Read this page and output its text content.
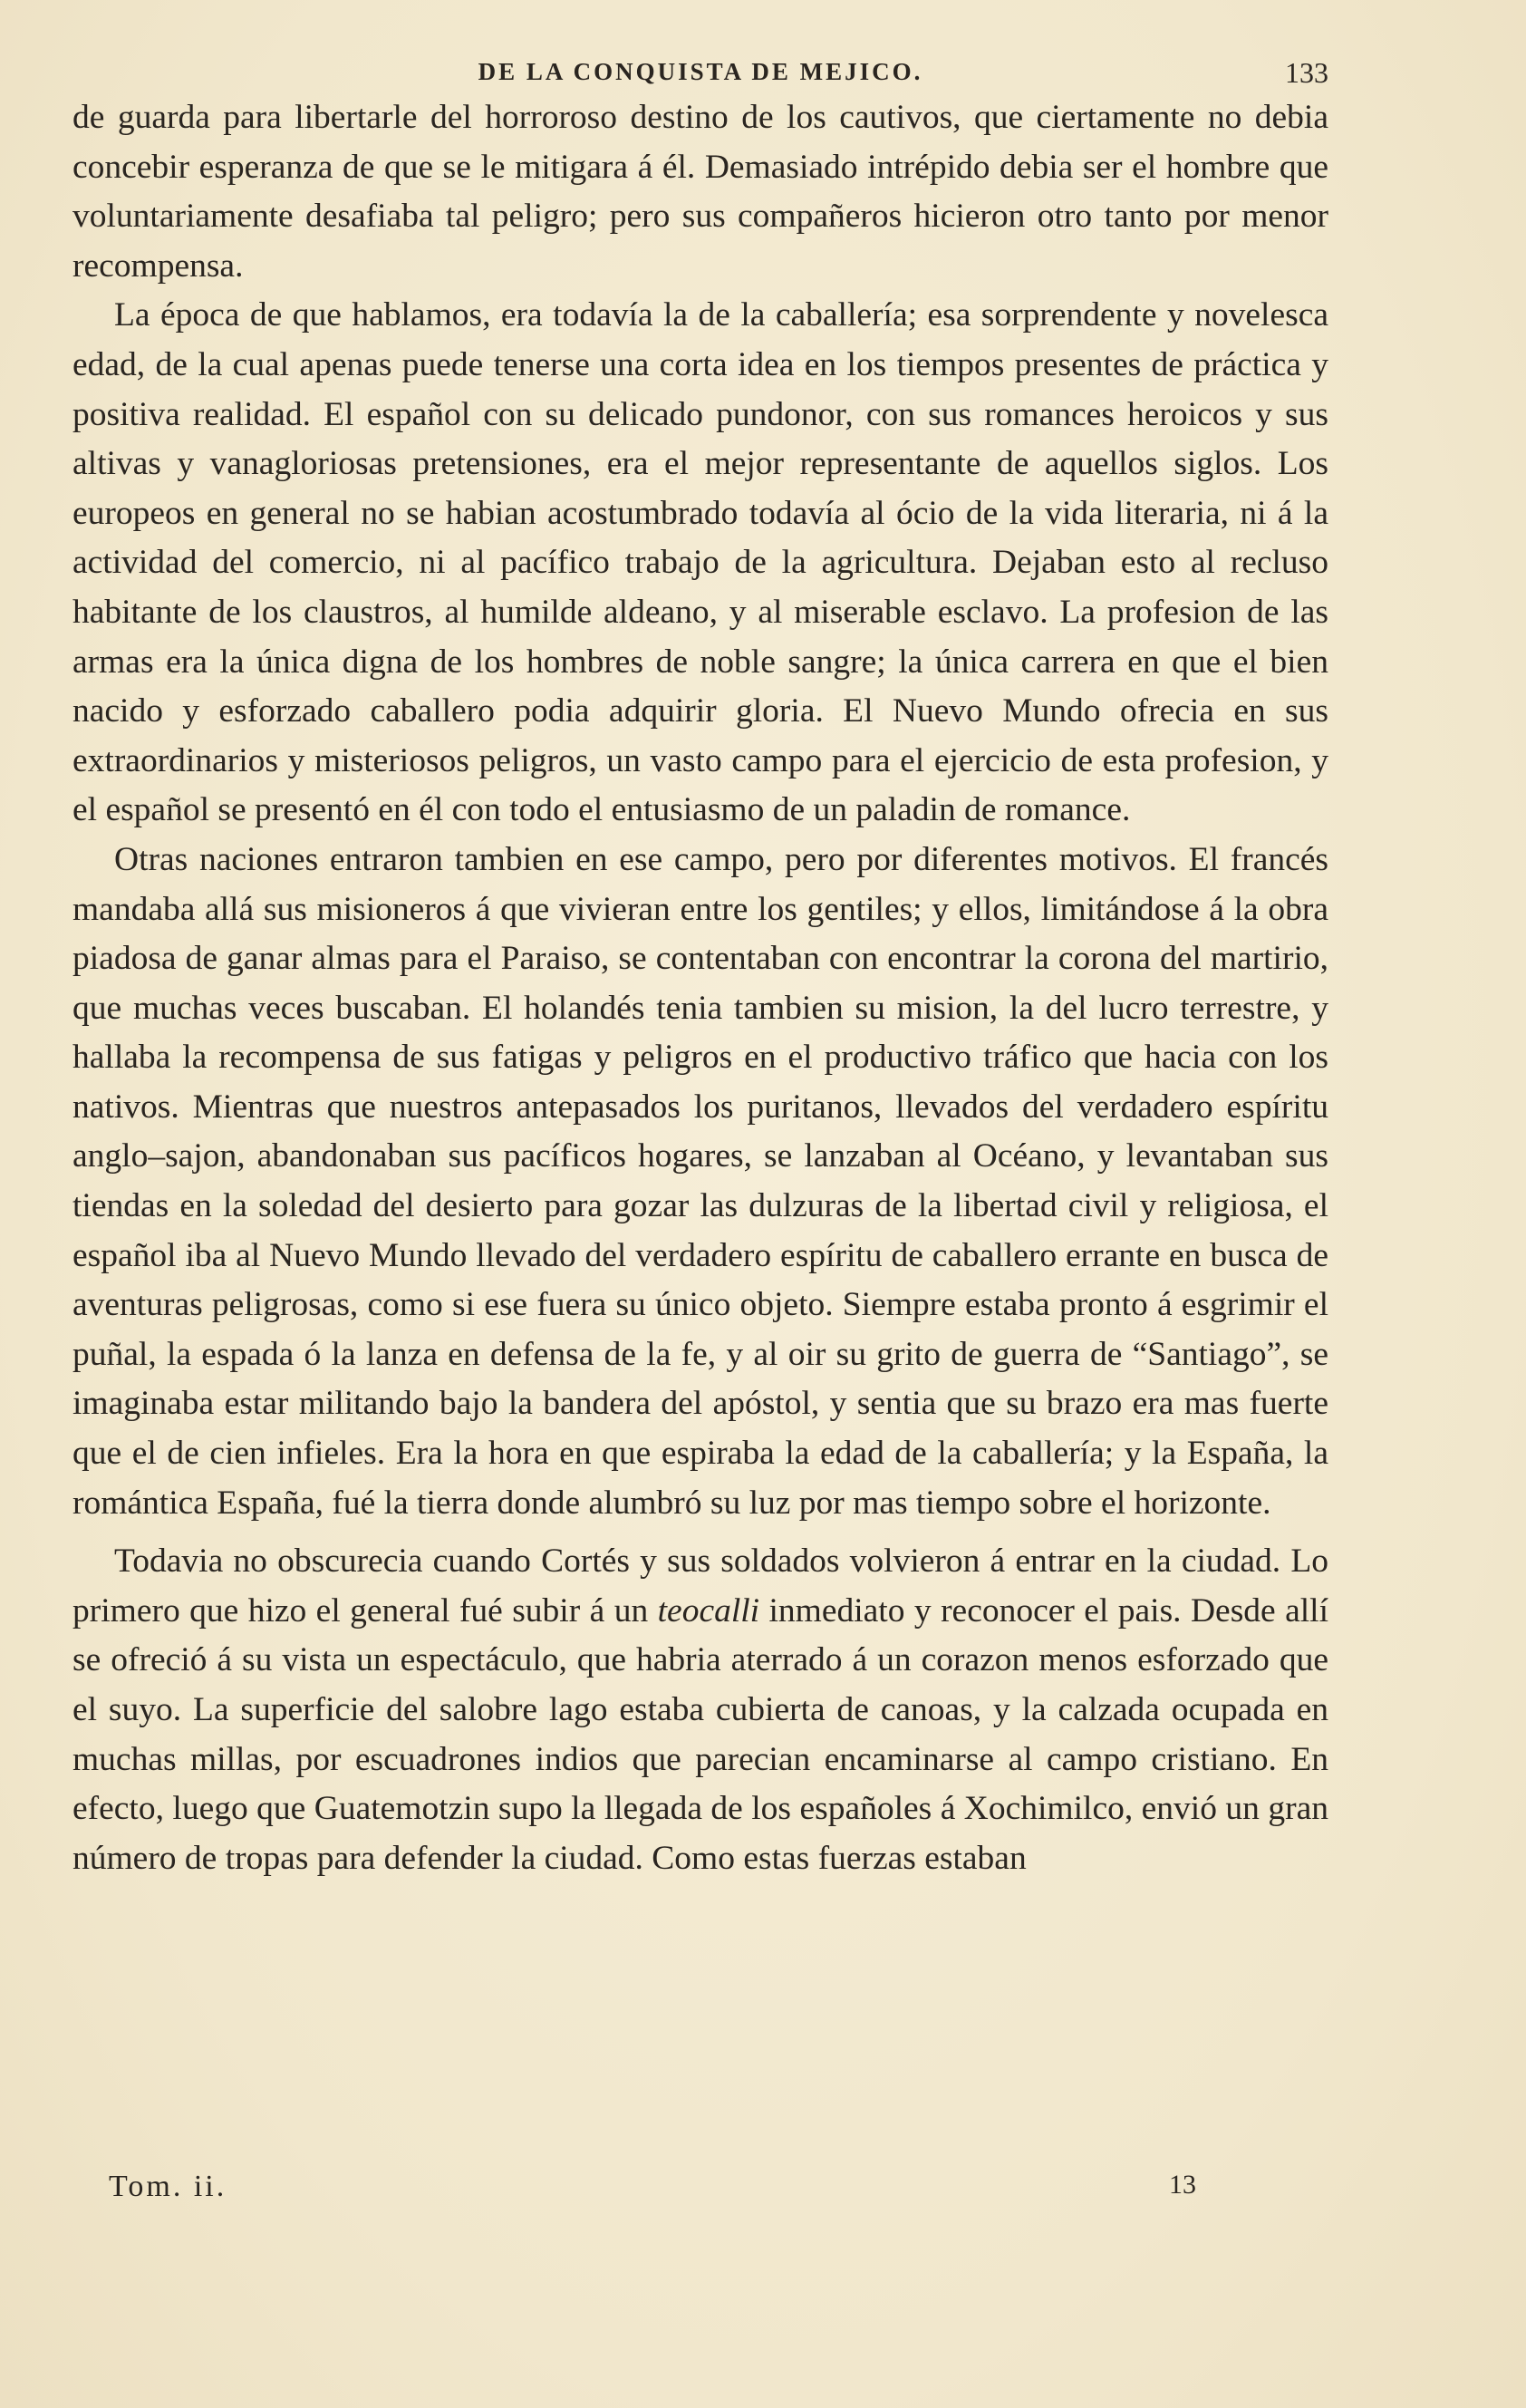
DE LA CONQUISTA DE MEJICO.	133

de guarda para libertarle del horroroso destino de los cautivos, que ciertamente no debia concebir esperanza de que se le mitigara á él. Demasiado intrépido debia ser el hombre que voluntariamente desafiaba tal peligro; pero sus compañeros hicieron otro tanto por menor recompensa.

La época de que hablamos, era todavía la de la caballería; esa sorprendente y novelesca edad, de la cual apenas puede tenerse una corta idea en los tiempos presentes de práctica y positiva realidad. El español con su delicado pundonor, con sus romances heroicos y sus altivas y vanagloriosas pretensiones, era el mejor representante de aquellos siglos. Los europeos en general no se habian acostumbrado todavía al ócio de la vida literaria, ni á la actividad del comercio, ni al pacífico trabajo de la agricultura. Dejaban esto al recluso habitante de los claustros, al humilde aldeano, y al miserable esclavo. La profesion de las armas era la única digna de los hombres de noble sangre; la única carrera en que el bien nacido y esforzado caballero podia adquirir gloria. El Nuevo Mundo ofrecia en sus extraordinarios y misteriosos peligros, un vasto campo para el ejercicio de esta profesion, y el español se presentó en él con todo el entusiasmo de un paladin de romance.

Otras naciones entraron tambien en ese campo, pero por diferentes motivos. El francés mandaba allá sus misioneros á que vivieran entre los gentiles; y ellos, limitándose á la obra piadosa de ganar almas para el Paraiso, se contentaban con encontrar la corona del martirio, que muchas veces buscaban. El holandés tenia tambien su mision, la del lucro terrestre, y hallaba la recompensa de sus fatigas y peligros en el productivo tráfico que hacia con los nativos. Mientras que nuestros antepasados los puritanos, llevados del verdadero espíritu anglo–sajon, abandonaban sus pacíficos hogares, se lanzaban al Océano, y levantaban sus tiendas en la soledad del desierto para gozar las dulzuras de la libertad civil y religiosa, el español iba al Nuevo Mundo llevado del verdadero espíritu de caballero errante en busca de aventuras peligrosas, como si ese fuera su único objeto. Siempre estaba pronto á esgrimir el puñal, la espada ó la lanza en defensa de la fe, y al oir su grito de guerra de “Santiago”, se imaginaba estar militando bajo la bandera del apóstol, y sentia que su brazo era mas fuerte que el de cien infieles. Era la hora en que espiraba la edad de la caballería; y la España, la romántica España, fué la tierra donde alumbró su luz por mas tiempo sobre el horizonte.

Todavia no obscurecia cuando Cortés y sus soldados volvieron á entrar en la ciudad. Lo primero que hizo el general fué subir á un teocalli inmediato y reconocer el pais. Desde allí se ofreció á su vista un espectáculo, que habria aterrado á un corazon menos esforzado que el suyo. La superficie del salobre lago estaba cubierta de canoas, y la calzada ocupada en muchas millas, por escuadrones indios que parecian encaminarse al campo cristiano. En efecto, luego que Guatemotzin supo la llegada de los españoles á Xochimilco, envió un gran número de tropas para defender la ciudad. Como estas fuerzas estaban

Tom. ii.	13
